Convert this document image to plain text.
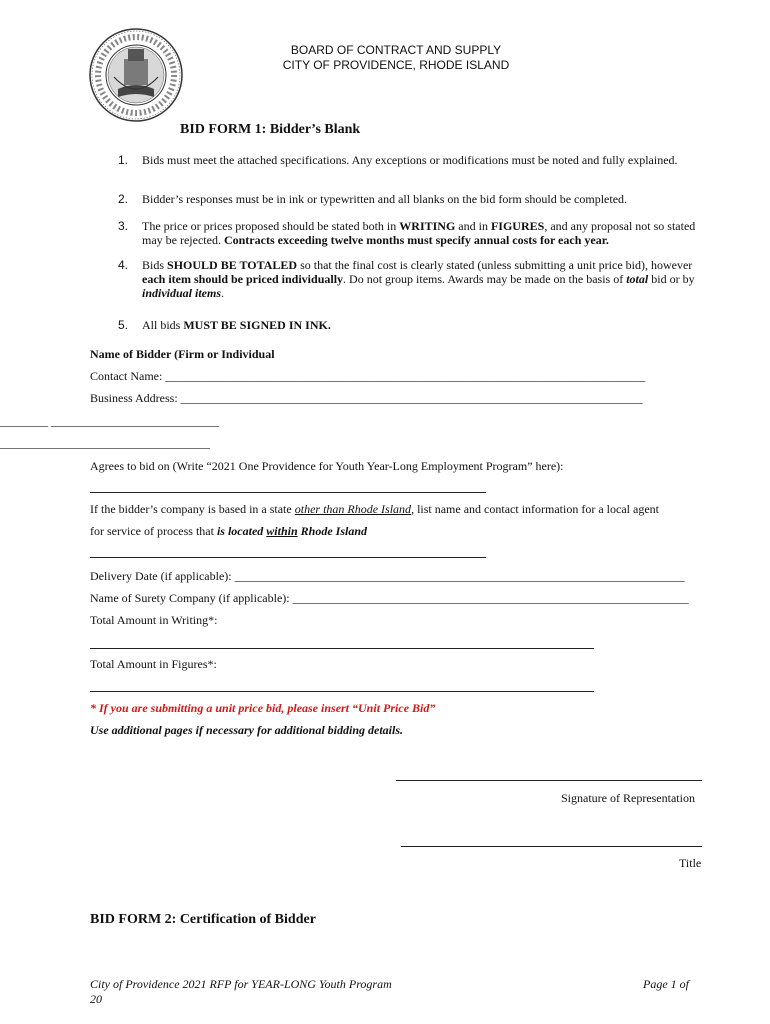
BOARD OF CONTRACT AND SUPPLY
CITY OF PROVIDENCE, RHODE ISLAND
BID FORM 1: Bidder’s Blank
1. Bids must meet the attached specifications. Any exceptions or modifications must be noted and fully explained.
2. Bidder’s responses must be in ink or typewritten and all blanks on the bid form should be completed.
3. The price or prices proposed should be stated both in WRITING and in FIGURES, and any proposal not so stated may be rejected. Contracts exceeding twelve months must specify annual costs for each year.
4. Bids SHOULD BE TOTALED so that the final cost is clearly stated (unless submitting a unit price bid), however each item should be priced individually. Do not group items. Awards may be made on the basis of total bid or by individual items.
5. All bids MUST BE SIGNED IN INK.
Name of Bidder (Firm or Individual
Contact Name: ________________________________________________________________________________
Business Address: _____________________________________________________________________________
________ ____________________________
___________________________________
Agrees to bid on (Write “2021 One Providence for Youth Year-Long Employment Program” here):
If the bidder’s company is based in a state other than Rhode Island, list name and contact information for a local agent
for service of process that is located within Rhode Island
Delivery Date (if applicable): ___________________________________________________________________________
Name of Surety Company (if applicable): __________________________________________________________________
Total Amount in Writing*:
Total Amount in Figures*:
* If you are submitting a unit price bid, please insert “Unit Price Bid”
Use additional pages if necessary for additional bidding details.
Signature of Representation
Title
BID FORM 2: Certification of Bidder
City of Providence 2021 RFP for YEAR-LONG Youth Program
20
Page 1 of
